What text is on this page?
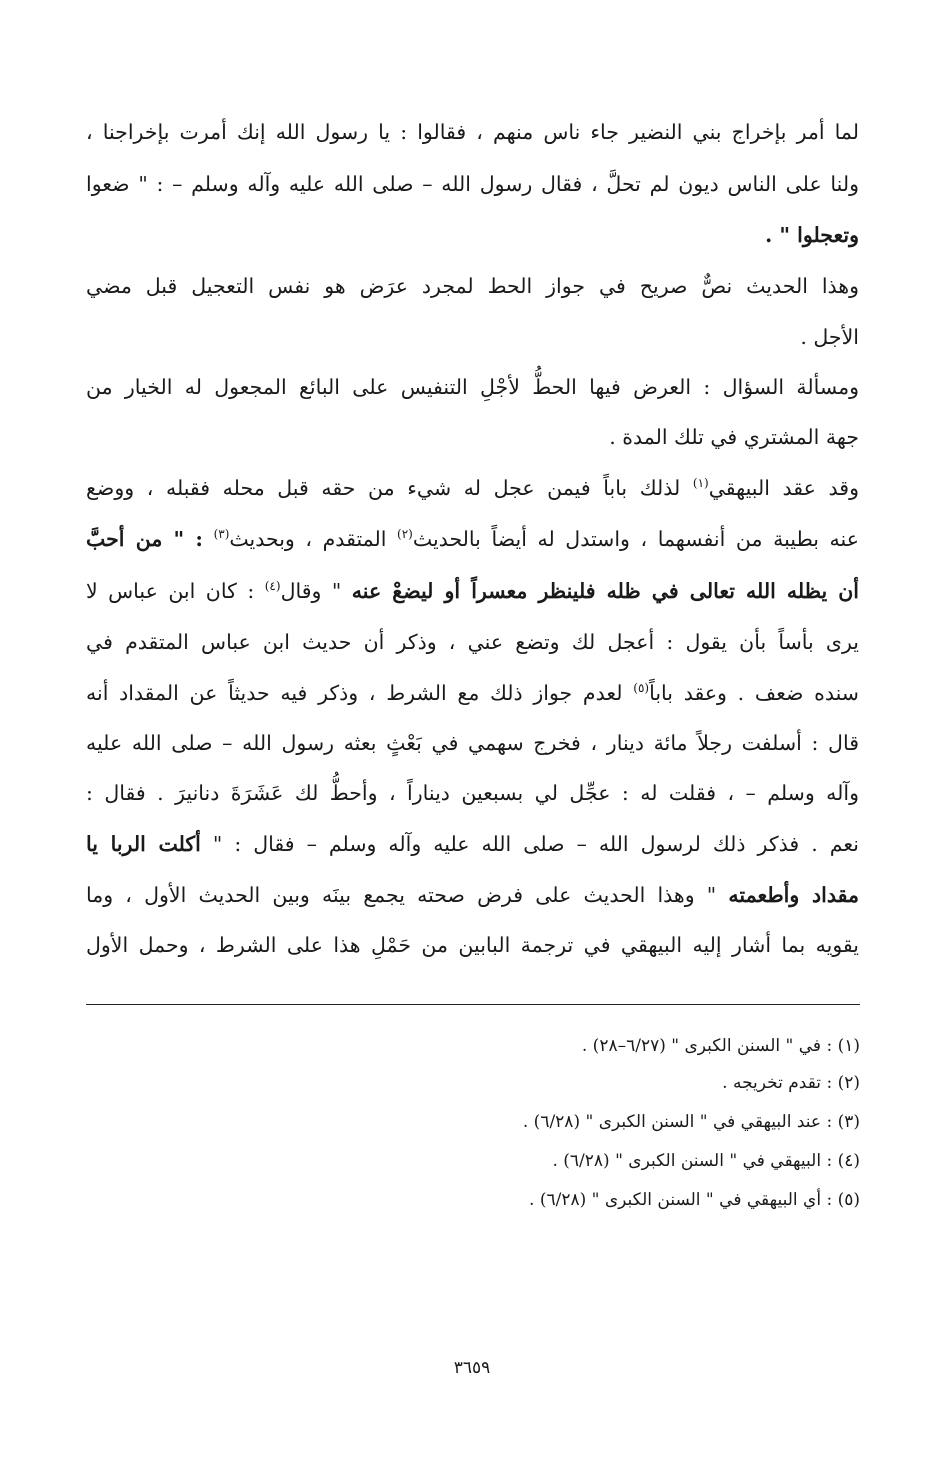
لما أمر بإخراج بني النضير جاء ناس منهم ، فقالوا : يا رسول الله إنك أمرت بإخراجنا ،
ولنا على الناس ديون لم تحلَّ ، فقال رسول الله – صلى الله عليه وآله وسلم – : " ضعوا
وتعجلوا " .
وهذا الحديث نصٌّ صريح في جواز الحط لمجرد عرَض هو نفس التعجيل قبل مضي
الأجل .
ومسألة السؤال : العرض فيها الحطُّ لأجْلِ التنفيس على البائع المجعول له الخيار من
جهة المشتري في تلك المدة .
وقد عقد البيهقي$^{(١)}$ لذلك باباً فيمن عجل له شيء من حقه قبل محله فقبله ، ووضع
عنه بطيبة من أنفسهما ، واستدل له أيضاً بالحديث$^{(٢)}$ المتقدم ، وبحديث$^{(٣)}$ : " من أحبَّ
أن يظله الله تعالى في ظله فلينظر معسراً أو ليضعْ عنه " وقال$^{(٤)}$ : كان ابن عباس لا
يرى بأساً بأن يقول : أعجل لك وتضع عني ، وذكر أن حديث ابن عباس المتقدم في
سنده ضعف . وعقد باباً$^{(٥)}$ لعدم جواز ذلك مع الشرط ، وذكر فيه حديثاً عن المقداد أنه
قال : أسلفت رجلاً مائة دينار ، فخرج سهمي في بَعْثٍ بعثه رسول الله – صلى الله عليه
وآله وسلم – ، فقلت له : عجِّل لي بسبعين ديناراً ، وأحطُّ لك عَشَرَةَ دنانيرَ . فقال :
نعم . فذكر ذلك لرسول الله – صلى الله عليه وآله وسلم – فقال : " أكلت الربا يا
مقداد وأطعمته " وهذا الحديث على فرض صحته يجمع بينَه وبين الحديث الأول ، وما
يقويه بما أشار إليه البيهقي في ترجمة البابين من حَمْلِ هذا على الشرط ، وحمل الأول
(١) : في " السنن الكبرى " (٦/٢٧–٢٨) .
(٢) : تقدم تخريجه .
(٣) : عند البيهقي في " السنن الكبرى " (٦/٢٨) .
(٤) : البيهقي في " السنن الكبرى " (٦/٢٨) .
(٥) : أي البيهقي في " السنن الكبرى " (٦/٢٨) .
٣٦٥٩
